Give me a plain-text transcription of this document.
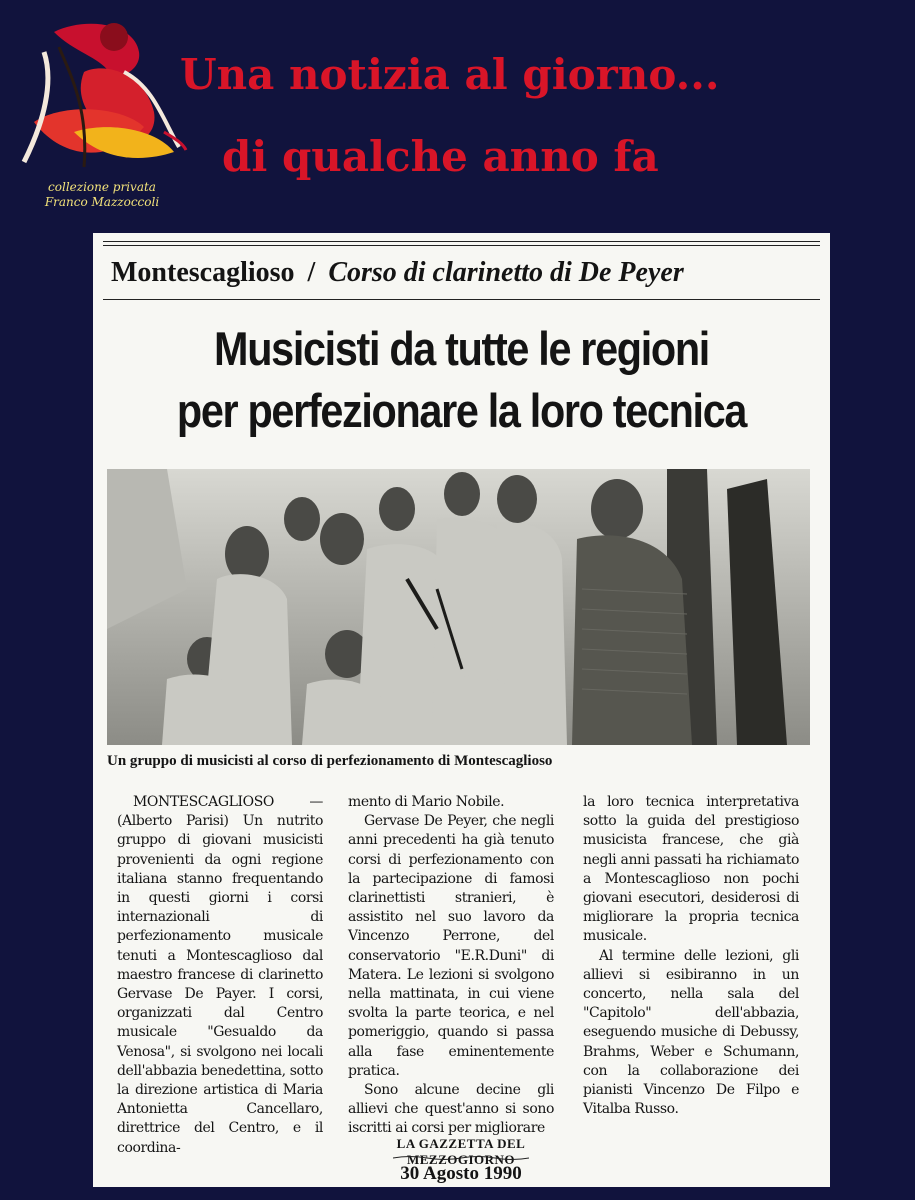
collezione privata
Franco Mazzoccoli
Una notizia al giorno...
di qualche anno fa
Montescaglioso / Corso di clarinetto di De Peyer
Musicisti da tutte le regioni
per perfezionare la loro tecnica
Un gruppo di musicisti al corso di perfezionamento di Montescaglioso

MONTESCAGLIOSO — (Alberto Parisi) Un nutrito gruppo di giovani musicisti provenienti da ogni regione italiana stanno frequentando in questi giorni i corsi internazionali di perfezionamento musicale tenuti a Montescaglioso dal maestro francese di clarinetto Gervase De Payer. I corsi, organizzati dal Centro musicale "Gesualdo da Venosa", si svolgono nei locali dell'abbazia benedettina, sotto la direzione artistica di Maria Antonietta Cancellaro, direttrice del Centro, e il coordina-

mento di Mario Nobile.

Gervase De Peyer, che negli anni precedenti ha già tenuto corsi di perfezionamento con la partecipazione di famosi clarinettisti stranieri, è assistito nel suo lavoro da Vincenzo Perrone, del conservatorio "E.R.Duni" di Matera. Le lezioni si svolgono nella mattinata, in cui viene svolta la parte teorica, e nel pomeriggio, quando si passa alla fase eminentemente pratica.

Sono alcune decine gli allievi che quest'anno si sono iscritti ai corsi per migliorare

la loro tecnica interpretativa sotto la guida del prestigioso musicista francese, che già negli anni passati ha richiamato a Montescaglioso non pochi giovani esecutori, desiderosi di migliorare la propria tecnica musicale.

Al termine delle lezioni, gli allievi si esibiranno in un concerto, nella sala del "Capitolo" dell'abbazia, eseguendo musiche di Debussy, Brahms, Weber e Schumann, con la collaborazione dei pianisti Vincenzo De Filpo e Vitalba Russo.

LA GAZZETTA DEL MEZZOGIORNO
30 Agosto 1990
